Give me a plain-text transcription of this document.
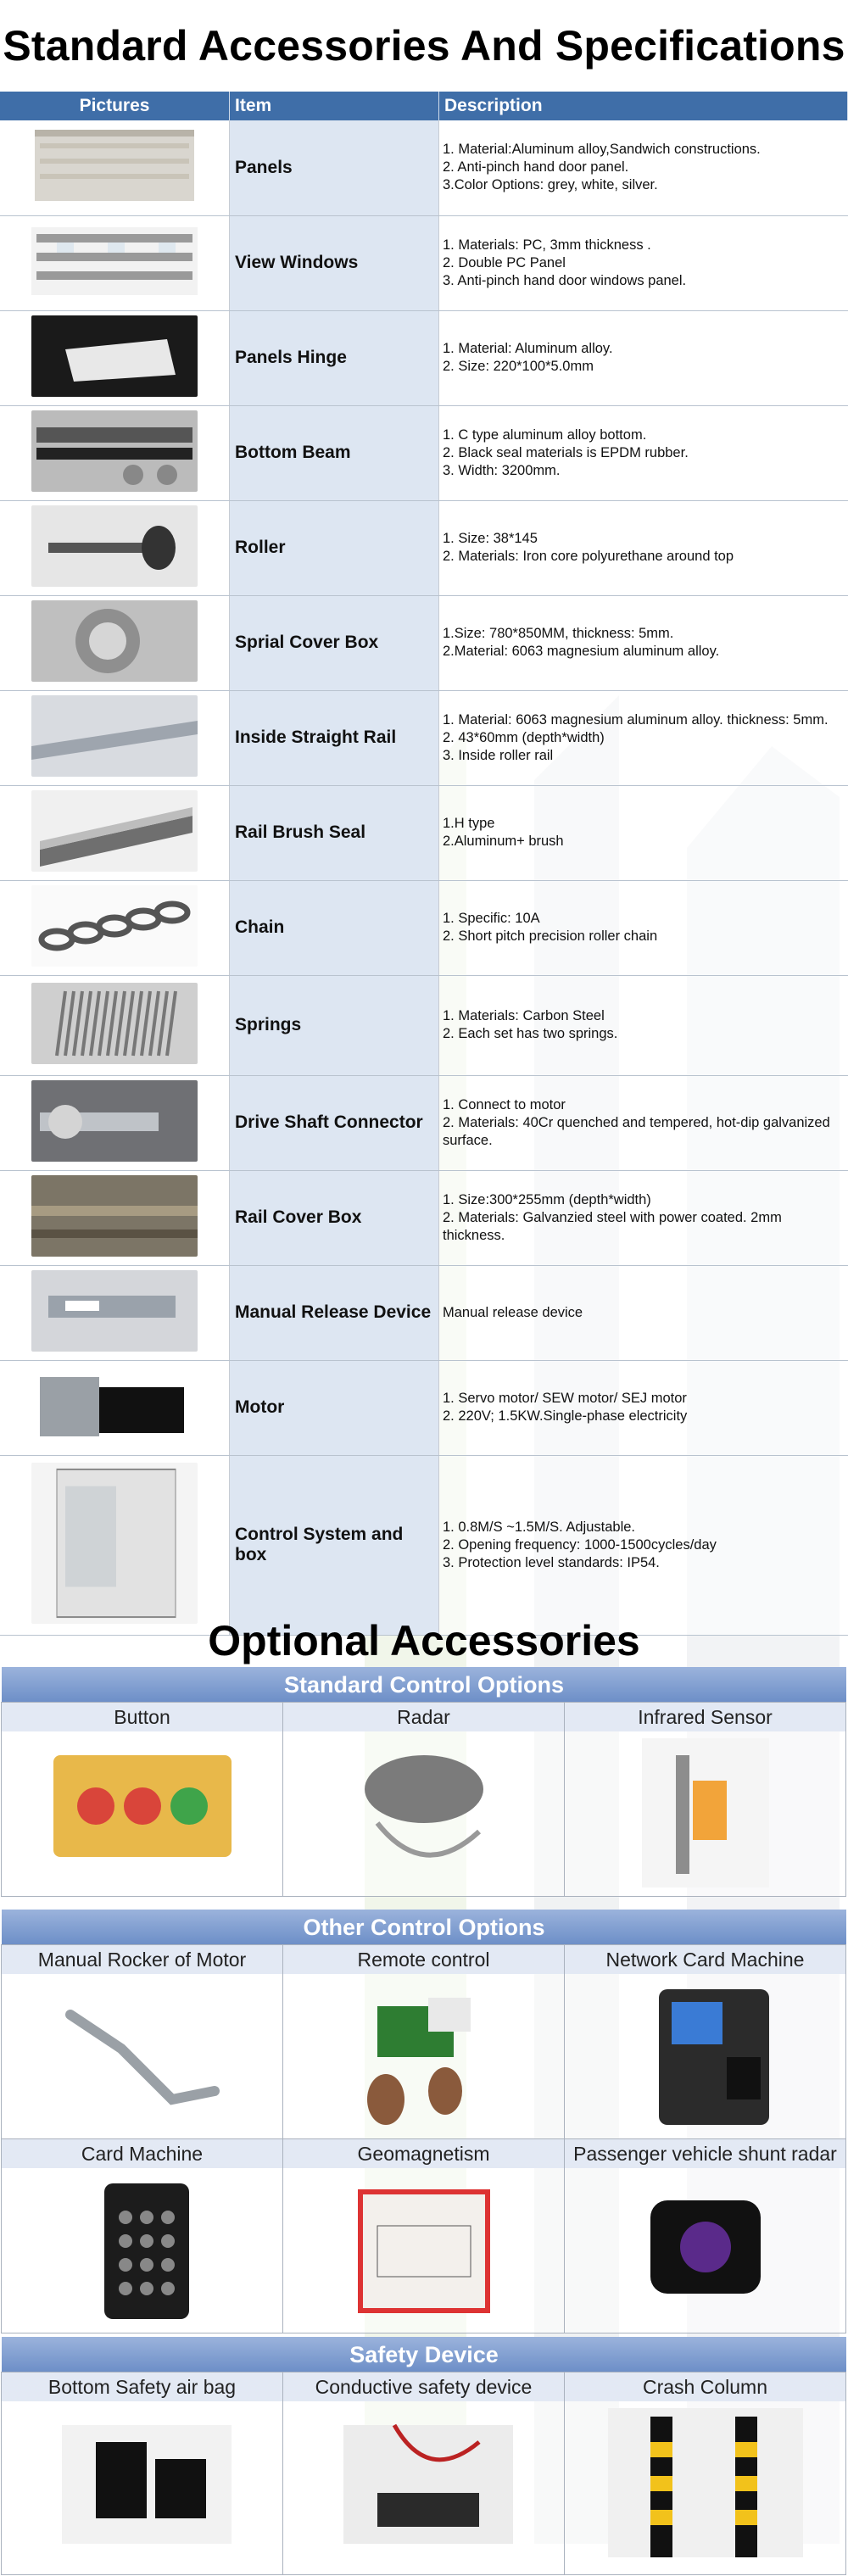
Standard Accessories And Specifications
Pictures	Item	Description
	Panels	1. Material:Aluminum alloy,Sandwich constructions.
2. Anti-pinch hand door panel.
3.Color Options: grey, white, silver.

	View Windows	1. Materials: PC, 3mm thickness .
2. Double PC Panel
3. Anti-pinch hand door windows panel.

	Panels Hinge	1. Material: Aluminum alloy.
2. Size: 220*100*5.0mm

	Bottom Beam	1. C type aluminum alloy bottom.
2. Black seal materials is EPDM rubber.
3. Width: 3200mm.

	Roller	1. Size: 38*145
2. Materials: Iron core polyurethane around top

	Sprial Cover Box	1.Size: 780*850MM, thickness: 5mm.
2.Material: 6063 magnesium aluminum alloy.

	Inside Straight Rail	1. Material: 6063 magnesium aluminum alloy. thickness: 5mm.
2. 43*60mm (depth*width)
3. Inside roller rail

	Rail Brush Seal	1.H type
2.Aluminum+ brush

	Chain	1. Specific: 10A
2. Short pitch precision roller chain

	Springs	1. Materials: Carbon Steel
2. Each set has two springs.

	Drive Shaft Connector	1. Connect to motor
2. Materials: 40Cr quenched and tempered, hot-dip galvanized surface.

	Rail Cover Box	1. Size:300*255mm (depth*width)
2. Materials: Galvanzied steel with power coated. 2mm thickness.

	Manual Release Device	Manual release device

	Motor	1. Servo motor/ SEW motor/ SEJ motor
2. 220V; 1.5KW.Single-phase electricity

	Control System and box	1. 0.8M/S ~1.5M/S. Adjustable.
2. Opening frequency: 1000-1500cycles/day
3. Protection level standards: IP54.
Optional Accessories
Standard Control Options
Button	Radar	Infrared Sensor
Other Control Options
Manual Rocker of Motor	Remote control	Network Card Machine
Card Machine	Geomagnetism	Passenger vehicle shunt radar
Safety Device
Bottom Safety air bag	Conductive safety device	Crash Column
